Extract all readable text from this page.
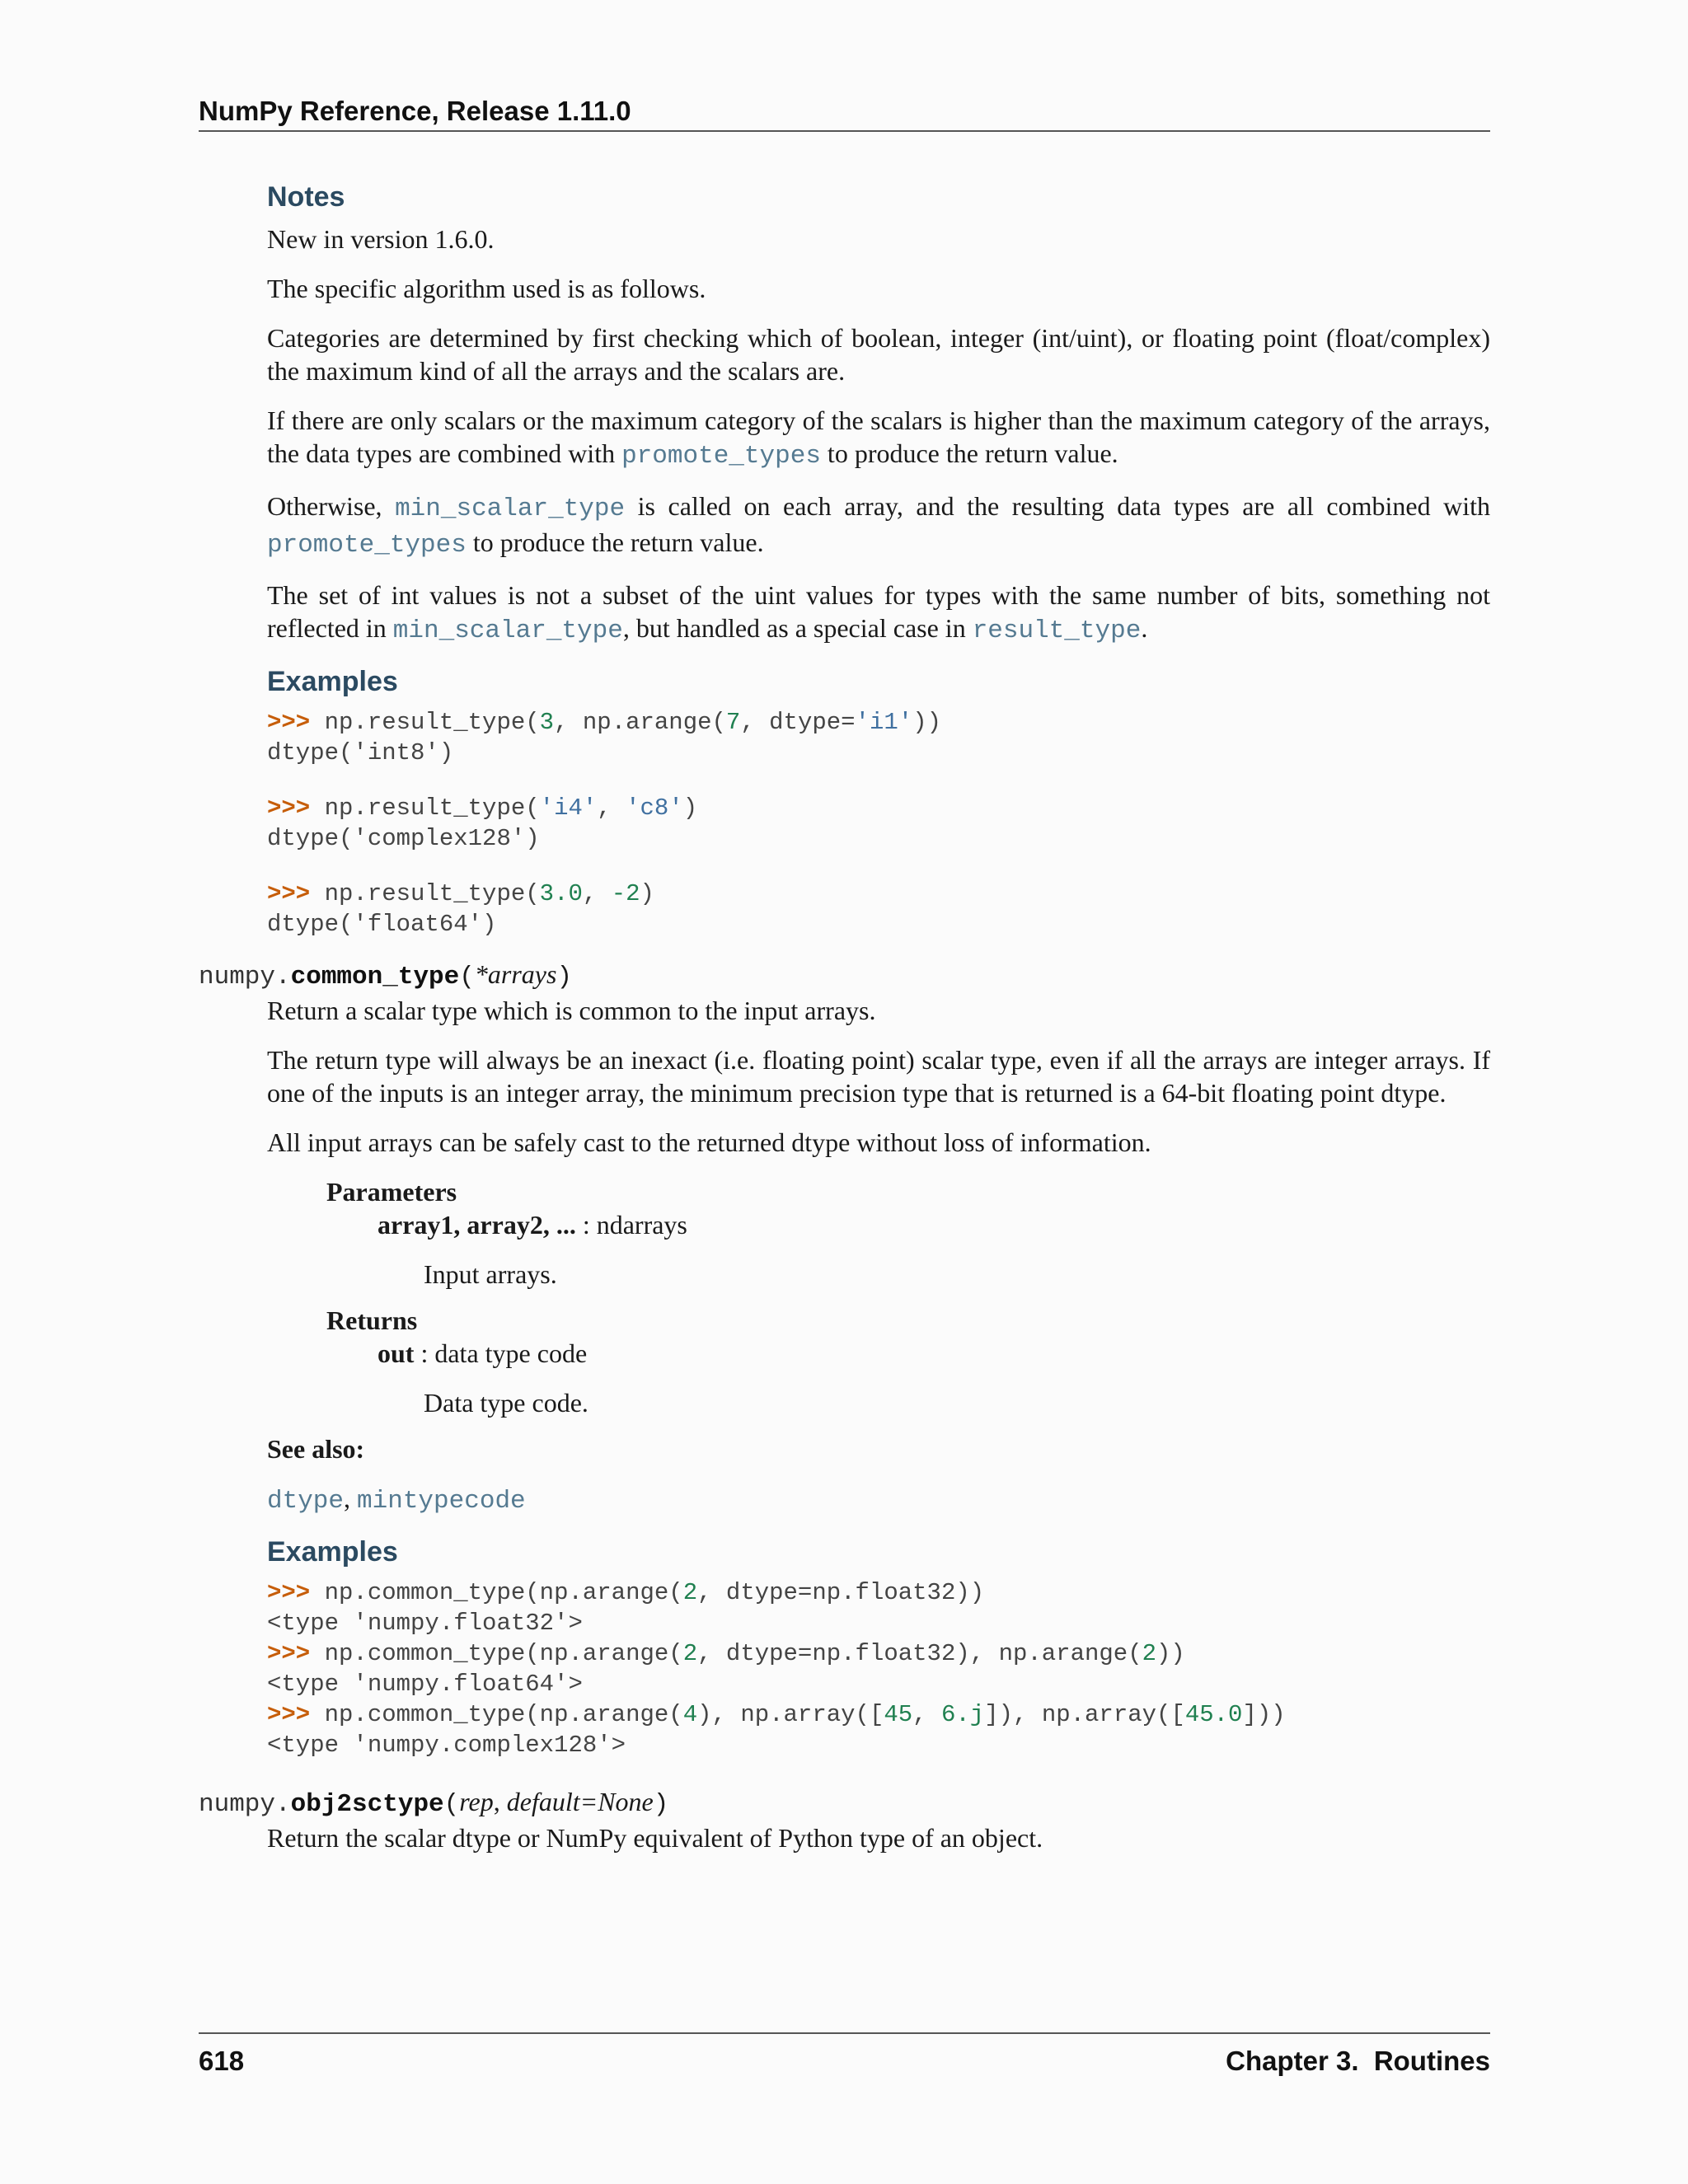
NumPy Reference, Release 1.11.0
Notes

New in version 1.6.0.

The specific algorithm used is as follows.

Categories are determined by first checking which of boolean, integer (int/uint), or floating point (float/complex) the maximum kind of all the arrays and the scalars are.

If there are only scalars or the maximum category of the scalars is higher than the maximum category of the arrays, the data types are combined with promote_types to produce the return value.

Otherwise, min_scalar_type is called on each array, and the resulting data types are all combined with promote_types to produce the return value.

The set of int values is not a subset of the uint values for types with the same number of bits, something not reflected in min_scalar_type, but handled as a special case in result_type.

Examples
>>> np.result_type(3, np.arange(7, dtype='i1'))
dtype('int8')
>>> np.result_type('i4', 'c8')
dtype('complex128')
>>> np.result_type(3.0, -2)
dtype('float64')
numpy.common_type(*arrays)

Return a scalar type which is common to the input arrays.

The return type will always be an inexact (i.e. floating point) scalar type, even if all the arrays are integer arrays. If one of the inputs is an integer array, the minimum precision type that is returned is a 64-bit floating point dtype.

All input arrays can be safely cast to the returned dtype without loss of information.

Parameters
array1, array2, ... : ndarrays
Input arrays.
Returns
out : data type code
Data type code.
See also:

dtype, mintypecode

Examples
>>> np.common_type(np.arange(2, dtype=np.float32))
<type 'numpy.float32'>
>>> np.common_type(np.arange(2, dtype=np.float32), np.arange(2))
<type 'numpy.float64'>
>>> np.common_type(np.arange(4), np.array([45, 6.j]), np.array([45.0]))
<type 'numpy.complex128'>
numpy.obj2sctype(rep, default=None)

Return the scalar dtype or NumPy equivalent of Python type of an object.

618	Chapter 3.  Routines
